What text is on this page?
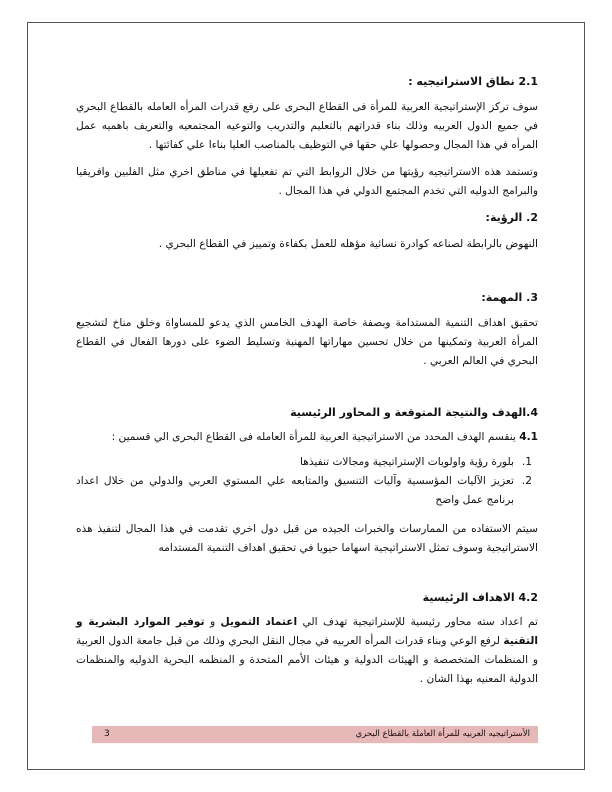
2.1 نطاق الاستراتيجيه :

سوف تركز الإستراتيجية العربية للمرأة فى القطاع البحرى على رفع قدرات المرأه العامله بالقطاع البحري في جميع الدول العربيه وذلك بناء قدراتهم بالتعليم والتدريب والتوعيه المجتمعيه والتعريف باهميه عمل المرأه في هذا المجال وحصولها علي حقها في التوظيف بالمناصب العليا بناءا علي كفائتها .

وتستمد هذه الاستراتيجيه رؤيتها من خلال الروابط التي تم تفعيلها في مناطق اخري مثل الفلبين وافريقيا والبرامج الدوليه التي تخدم المجتمع الدولي في هذا المجال .

2. الرؤية:

النهوض بالرابطة لصناعه كوادرة نسائية مؤهله للعمل بكفاءة وتمييز في القطاع البحري .

3. المهمة:

تحقيق اهداف التنمية المستدامة وبصفة خاصة الهدف الخامس الذي يدعو للمساواة وخلق مناخ لتشجيع المرأة العربية وتمكينها من خلال تحسين مهاراتها المهنية وتسليط الضوء على دورها الفعال في القطاع البحري في العالم العربي .

4.الهدف والنتيجة المتوقعة و المحاور الرئيسية

4.1 ينقسم الهدف المحدد من الاستراتيجية العربية للمرأة العامله فى القطاع البحرى الي قسمين :

1.
بلورة رؤية واولويات الإستراتيجية ومجالات تنفيذها
2.
تعزيز الآليات المؤسسية وآليات التنسيق والمتابعه علي المستوي العربي والدولي من خلال اعداد برنامج عمل واضح

سيتم الاستفاده من الممارسات والخبرات الجيده من قبل دول اخري تقدمت في هذا المجال لتنفيذ هذه الاستراتيجية وسوف تمثل الاستراتيجية اسهاما حيويا في تحقيق اهداف التنمية المستدامه

4.2 الاهداف الرئيسية

تم اعداد سته محاور رئيسية للإستراتيجية تهدف الي اعتماد التمويل و توفير الموارد البشرية و التقنية لرفع الوعي وبناء قدرات المرأه العربيه في مجال النقل البحري وذلك من قبل جامعة الدول العربية و المنظمات المتخصصة و الهيئات الدولية و هيئات الأمم المتحدة و المنظمه البحرية الدوليه والمنظمات الدولية المعنيه بهذا الشان .

الأستراتيجيه العربيه للمرأة العاملة بالقطاع البحري
3
